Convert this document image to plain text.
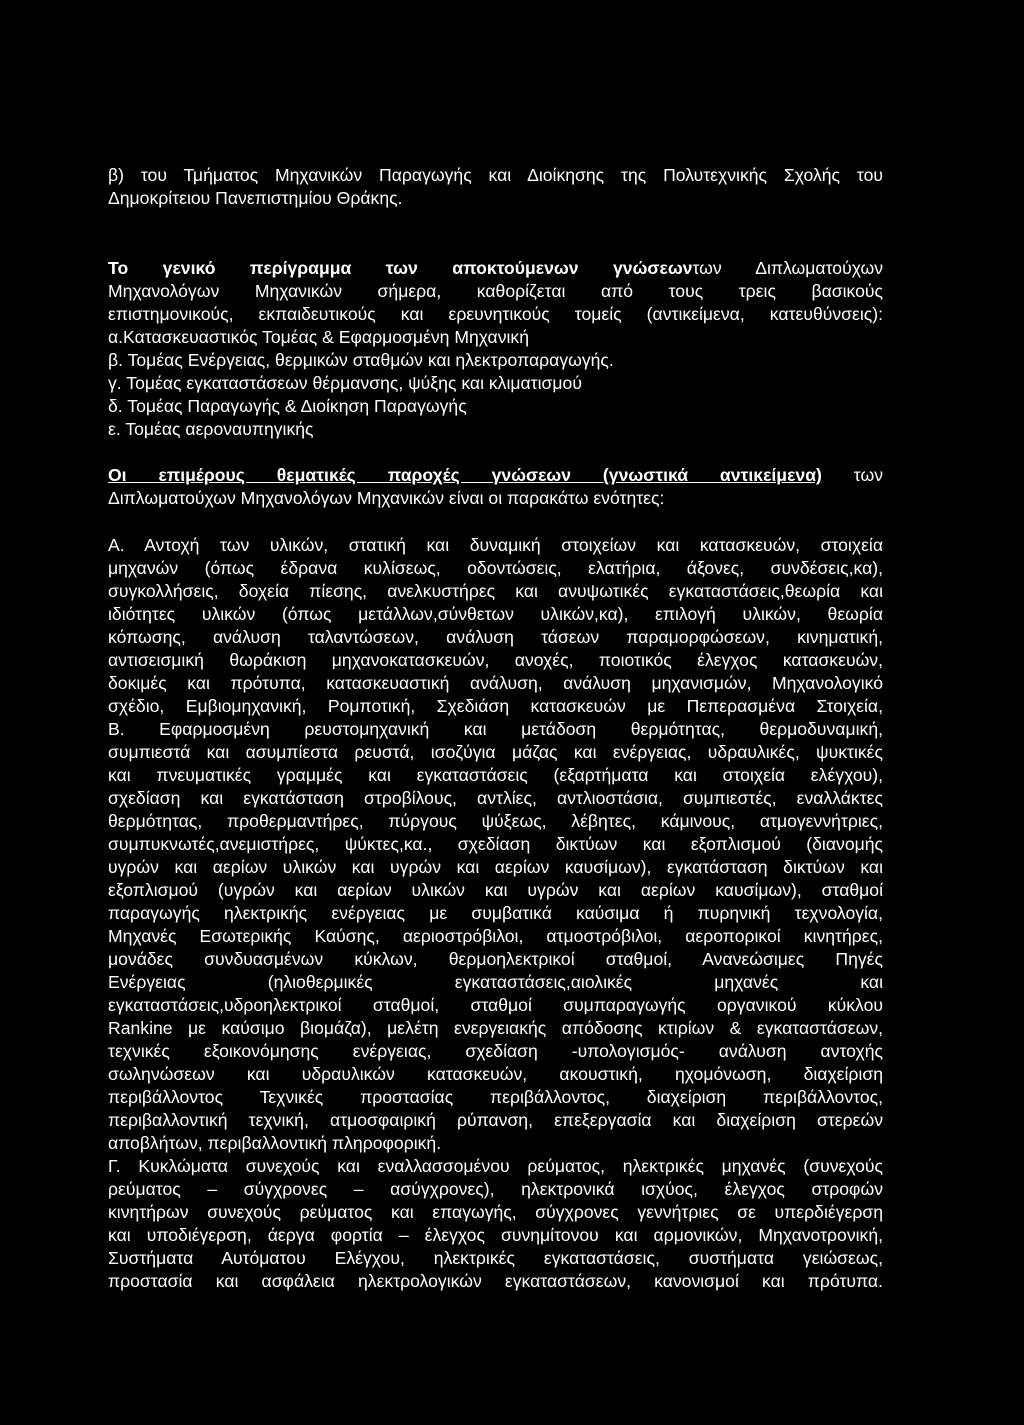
β) του Τμήματος Μηχανικών Παραγωγής και Διοίκησης της Πολυτεχνικής Σχολής του
Δημοκρίτειου Πανεπιστημίου Θράκης.
Το γενικό περίγραμμα των αποκτούμενων γνώσεωντων Διπλωματούχων
Μηχανολόγων Μηχανικών σήμερα, καθορίζεται από τους τρεις βασικούς
επιστημονικούς, εκπαιδευτικούς και ερευνητικούς τομείς (αντικείμενα, κατευθύνσεις):
α.Κατασκευαστικός Τομέας & Εφαρμοσμένη Μηχανική
β. Τομέας Ενέργειας, θερμικών σταθμών και ηλεκτροπαραγωγής.
γ. Τομέας εγκαταστάσεων θέρμανσης, ψύξης και κλιματισμού
δ. Τομέας Παραγωγής & Διοίκηση Παραγωγής
ε. Τομέας αεροναυπηγικής
Οι επιμέρους θεματικές παροχές γνώσεων (γνωστικά αντικείμενα) των
Διπλωματούχων Μηχανολόγων Μηχανικών είναι οι παρακάτω ενότητες:
Α. Αντοχή των υλικών, στατική και δυναμική στοιχείων και κατασκευών, στοιχεία
μηχανών (όπως έδρανα κυλίσεως, οδοντώσεις, ελατήρια, άξονες, συνδέσεις,κα),
συγκολλήσεις, δοχεία πίεσης, ανελκυστήρες και ανυψωτικές εγκαταστάσεις,θεωρία και
ιδιότητες υλικών (όπως μετάλλων,σύνθετων υλικών,κα), επιλογή υλικών, θεωρία
κόπωσης, ανάλυση ταλαντώσεων, ανάλυση τάσεων παραμορφώσεων, κινηματική,
αντισεισμική θωράκιση μηχανοκατασκευών, ανοχές, ποιοτικός έλεγχος κατασκευών,
δοκιμές και πρότυπα, κατασκευαστική ανάλυση, ανάλυση μηχανισμών, Μηχανολογικό
σχέδιο, Εμβιομηχανική, Ρομποτική, Σχεδιάση κατασκευών με Πεπερασμένα Στοιχεία,
Β. Εφαρμοσμένη ρευστομηχανική και μετάδοση θερμότητας, θερμοδυναμική,
συμπιεστά και ασυμπίεστα ρευστά, ισοζύγια μάζας και ενέργειας, υδραυλικές, ψυκτικές
και πνευματικές γραμμές και εγκαταστάσεις (εξαρτήματα και στοιχεία ελέγχου),
σχεδίαση και εγκατάσταση στροβίλους, αντλίες, αντλιοστάσια, συμπιεστές, εναλλάκτες
θερμότητας, προθερμαντήρες, πύργους ψύξεως, λέβητες, κάμινους, ατμογεννήτριες,
συμπυκνωτές,ανεμιστήρες, ψύκτες,κα., σχεδίαση δικτύων και εξοπλισμού (διανομής
υγρών και αερίων υλικών και υγρών και αερίων καυσίμων), εγκατάσταση δικτύων και
εξοπλισμού (υγρών και αερίων υλικών και υγρών και αερίων καυσίμων), σταθμοί
παραγωγής ηλεκτρικής ενέργειας με συμβατικά καύσιμα ή πυρηνική τεχνολογία,
Μηχανές Εσωτερικής Καύσης, αεριοστρόβιλοι, ατμοστρόβιλοι, αεροπορικοί κινητήρες,
μονάδες συνδυασμένων κύκλων, θερμοηλεκτρικοί σταθμοί, Ανανεώσιμες Πηγές
Ενέργειας (ηλιοθερμικές εγκαταστάσεις,αιολικές μηχανές και
εγκαταστάσεις,υδροηλεκτρικοί σταθμοί, σταθμοί συμπαραγωγής οργανικού κύκλου
Rankine με καύσιμο βιομάζα), μελέτη ενεργειακής απόδοσης κτιρίων & εγκαταστάσεων,
τεχνικές εξοικονόμησης ενέργειας, σχεδίαση -υπολογισμός- ανάλυση αντοχής
σωληνώσεων και υδραυλικών κατασκευών, ακουστική, ηχομόνωση, διαχείριση
περιβάλλοντος Τεχνικές προστασίας περιβάλλοντος, διαχείριση περιβάλλοντος,
περιβαλλοντική τεχνική, ατμοσφαιρική ρύπανση, επεξεργασία και διαχείριση στερεών
αποβλήτων, περιβαλλοντική πληροφορική.
Γ. Κυκλώματα συνεχούς και εναλλασσομένου ρεύματος, ηλεκτρικές μηχανές (συνεχούς
ρεύματος – σύγχρονες – ασύγχρονες), ηλεκτρονικά ισχύος, έλεγχος στροφών
κινητήρων συνεχούς ρεύματος και επαγωγής, σύγχρονες γεννήτριες σε υπερδιέγερση
και υποδιέγερση, άεργα φορτία – έλεγχος συνημίτονου και αρμονικών, Μηχανοτρονική,
Συστήματα Αυτόματου Ελέγχου, ηλεκτρικές εγκαταστάσεις, συστήματα γειώσεως,
προστασία και ασφάλεια ηλεκτρολογικών εγκαταστάσεων, κανονισμοί και πρότυπα.
